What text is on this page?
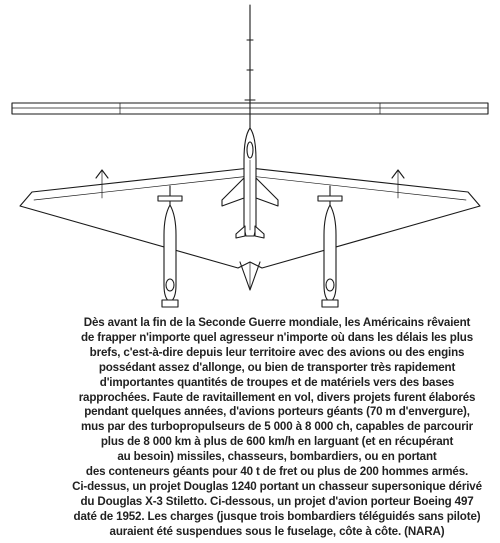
Dès avant la fin de la Seconde Guerre mondiale, les Américains rêvaient
de frapper n'importe quel agresseur n'importe où dans les délais les plus
brefs, c'est-à-dire depuis leur territoire avec des avions ou des engins
possédant assez d'allonge, ou bien de transporter très rapidement
d'importantes quantités de troupes et de matériels vers des bases
rapprochées. Faute de ravitaillement en vol, divers projets furent élaborés
pendant quelques années, d'avions porteurs géants (70 m d'envergure),
mus par des turbopropulseurs de 5 000 à 8 000 ch, capables de parcourir
plus de 8 000 km à plus de 600 km/h en larguant (et en récupérant
au besoin) missiles, chasseurs, bombardiers, ou en portant
des conteneurs géants pour 40 t de fret ou plus de 200 hommes armés.
Ci-dessus, un projet Douglas 1240 portant un chasseur supersonique dérivé
du Douglas X-3 Stiletto. Ci-dessous, un projet d'avion porteur Boeing 497
daté de 1952. Les charges (jusque trois bombardiers téléguidés sans pilote)
auraient été suspendues sous le fuselage, côte à côte. (NARA)
